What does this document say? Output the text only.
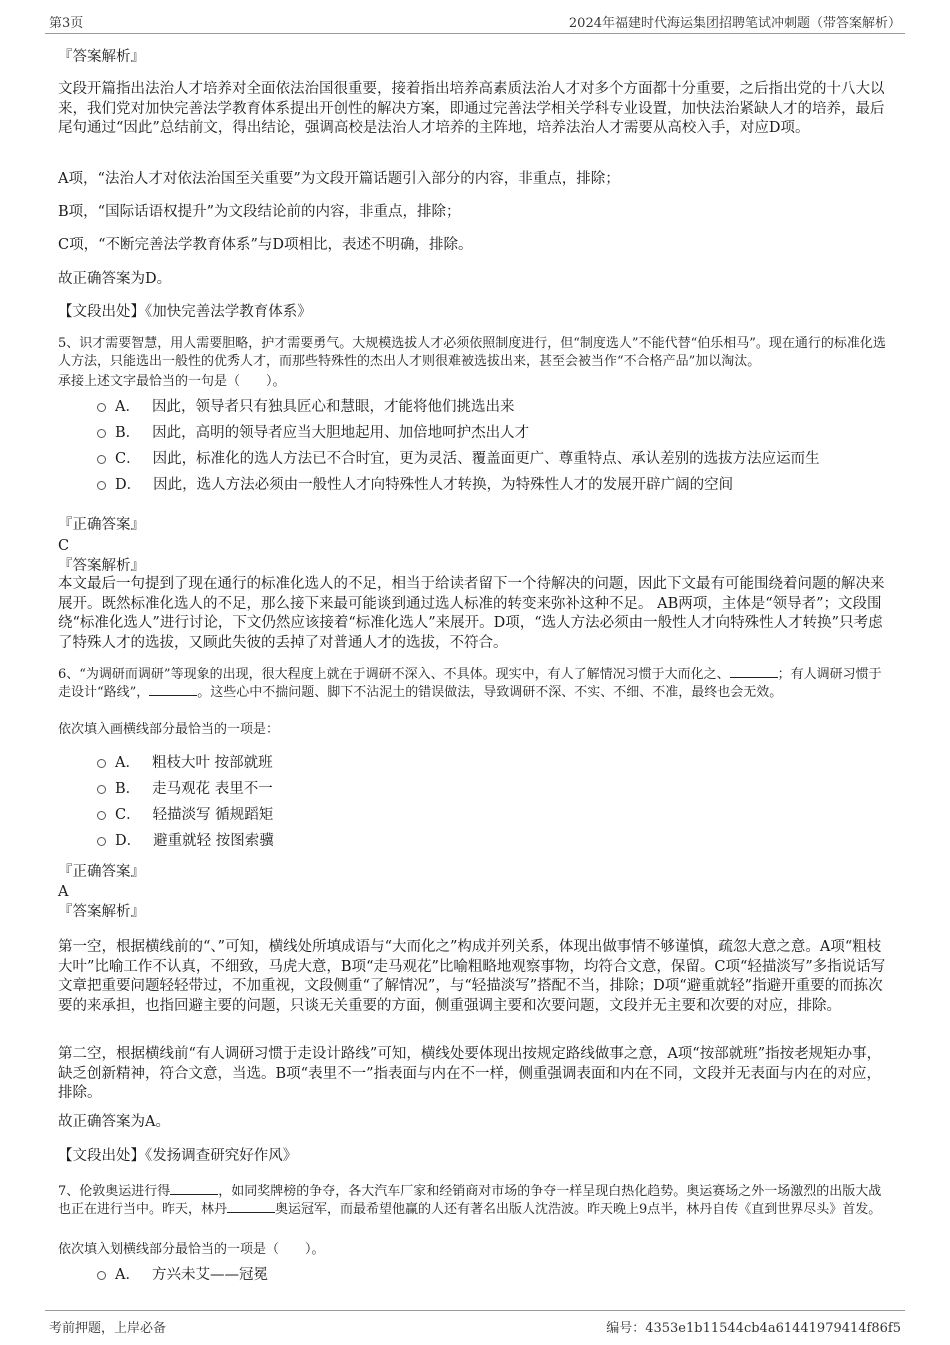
第3页	2024年福建时代海运集团招聘笔试冲刺题（带答案解析）
『答案解析』
文段开篇指出法治人才培养对全面依法治国很重要，接着指出培养高素质法治人才对多个方面都十分重要，之后指出党的十八大以来，我们党对加快完善法学教育体系提出开创性的解决方案，即通过完善法学相关学科专业设置，加快法治紧缺人才的培养，最后尾句通过“因此”总结前文，得出结论，强调高校是法治人才培养的主阵地，培养法治人才需要从高校入手，对应D项。
A项，“法治人才对依法治国至关重要”为文段开篇话题引入部分的内容，非重点，排除；
B项，“国际话语权提升”为文段结论前的内容，非重点，排除；
C项，“不断完善法学教育体系”与D项相比，表述不明确，排除。
故正确答案为D。
【文段出处】《加快完善法学教育体系》
5、识才需要智慧，用人需要胆略，护才需要勇气。大规模选拔人才必须依照制度进行，但“制度选人”不能代替“伯乐相马”。现在通行的标准化选人方法，只能选出一般性的优秀人才，而那些特殊性的杰出人才则很难被选拔出来，甚至会被当作“不合格产品”加以淘汰。
承接上述文字最恰当的一句是（　　）。
A． 因此，领导者只有独具匠心和慧眼，才能将他们挑选出来
B． 因此，高明的领导者应当大胆地起用、加倍地呵护杰出人才
C． 因此，标准化的选人方法已不合时宜，更为灵活、覆盖面更广、尊重特点、承认差别的选拔方法应运而生
D． 因此，选人方法必须由一般性人才向特殊性人才转换，为特殊性人才的发展开辟广阔的空间
『正确答案』
C
『答案解析』
本文最后一句提到了现在通行的标准化选人的不足，相当于给读者留下一个待解决的问题，因此下文最有可能围绕着问题的解决来展开。既然标准化选人的不足，那么接下来最可能谈到通过选人标准的转变来弥补这种不足。 AB两项，主体是“领导者”；文段围绕“标准化选人”进行讨论，下文仍然应该接着“标准化选人”来展开。D项，“选人方法必须由一般性人才向特殊性人才转换”只考虑了特殊人才的选拔，又顾此失彼的丢掉了对普通人才的选拔，不符合。
6、“为调研而调研”等现象的出现，很大程度上就在于调研不深入、不具体。现实中，有人了解情况习惯于大而化之、	；有人调研习惯于走设计“路线”，	。这些心中不揣问题、脚下不沾泥土的错误做法，导致调研不深、不实、不细、不准，最终也会无效。
依次填入画横线部分最恰当的一项是：
A． 粗枝大叶 按部就班
B． 走马观花 表里不一
C． 轻描淡写 循规蹈矩
D． 避重就轻 按图索骥
『正确答案』
A
『答案解析』
第一空，根据横线前的“、”可知，横线处所填成语与“大而化之”构成并列关系，体现出做事情不够谨慎，疏忽大意之意。A项“粗枝大叶”比喻工作不认真，不细致，马虎大意，B项“走马观花”比喻粗略地观察事物，均符合文意，保留。C项“轻描淡写”多指说话写文章把重要问题轻轻带过，不加重视，文段侧重“了解情况”，与“轻描淡写”搭配不当，排除；D项“避重就轻”指避开重要的而拣次要的来承担，也指回避主要的问题，只谈无关重要的方面，侧重强调主要和次要问题，文段并无主要和次要的对应，排除。
第二空，根据横线前“有人调研习惯于走设计路线”可知，横线处要体现出按规定路线做事之意，A项“按部就班”指按老规矩办事，缺乏创新精神，符合文意，当选。B项“表里不一”指表面与内在不一样，侧重强调表面和内在不同，文段并无表面与内在的对应，排除。
故正确答案为A。
【文段出处】《发扬调查研究好作风》
7、伦敦奥运进行得	，如同奖牌榜的争夺，各大汽车厂家和经销商对市场的争夺一样呈现白热化趋势。奥运赛场之外一场激烈的出版大战也正在进行当中。昨天，林丹	奥运冠军，而最希望他赢的人还有著名出版人沈浩波。昨天晚上9点半，林丹自传《直到世界尽头》首发。
依次填入划横线部分最恰当的一项是（　　）。
A． 方兴未艾——冠冕
考前押题，上岸必备	编号：4353e1b11544cb4a61441979414f86f5
